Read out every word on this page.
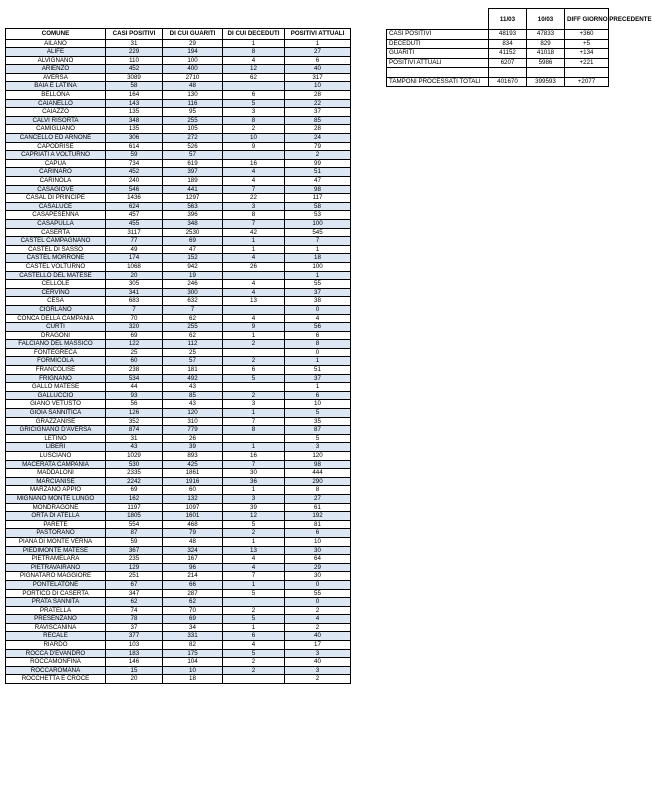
COMUNE	CASI POSITIVI	DI CUI GUARITI	DI CUI DECEDUTI	POSITIVI ATTUALI
AILANO	31	29	1	1
ALIFE	229	194	8	27
ALVIGNANO	110	100	4	6
ARIENZO	452	400	12	40
AVERSA	3089	2710	62	317
BAIA E LATINA	58	48		10
BELLONA	164	130	6	28
CAIANELLO	143	116	5	22
CAIAZZO	135	95	3	37
CALVI RISORTA	348	255	8	85
CAMIGLIANO	135	105	2	28
CANCELLO ED ARNONE	306	272	10	24
CAPODRISE	614	526	9	79
CAPRIATI A VOLTURNO	59	57		2
CAPUA	734	619	16	99
CARINARO	452	397	4	51
CARINOLA	240	189	4	47
CASAGIOVE	546	441	7	98
CASAL DI PRINCIPE	1436	1297	22	117
CASALUCE	624	563	3	58
CASAPESENNA	457	396	8	53
CASAPULLA	455	348	7	100
CASERTA	3117	2530	42	545
CASTEL CAMPAGNANO	77	69	1	7
CASTEL DI SASSO	49	47	1	1
CASTEL MORRONE	174	152	4	18
CASTEL VOLTURNO	1068	942	26	100
CASTELLO DEL MATESE	20	19		1
CELLOLE	305	246	4	55
CERVINO	341	300	4	37
CESA	683	632	13	38
CIORLANO	7	7		0
CONCA DELLA CAMPANIA	70	62	4	4
CURTI	320	255	9	56
DRAGONI	69	62	1	6
FALCIANO DEL MASSICO	122	112	2	8
FONTEGRECA	25	25		0
FORMICOLA	60	57	2	1
FRANCOLISE	238	181	6	51
FRIGNANO	534	492	5	37
GALLO MATESE	44	43		1
GALLUCCIO	93	85	2	6
GIANO VETUSTO	56	43	3	10
GIOIA SANNITICA	126	120	1	5
GRAZZANISE	352	310	7	35
GRICIGNANO D'AVERSA	874	779	8	87
LETINO	31	26		5
LIBERI	43	39	1	3
LUSCIANO	1029	893	16	120
MACERATA CAMPANIA	530	425	7	98
MADDALONI	2335	1861	30	444
MARCIANISE	2242	1916	36	290
MARZANO APPIO	69	60	1	8
MIGNANO MONTE LUNGO	162	132	3	27
MONDRAGONE	1197	1097	39	61
ORTA DI ATELLA	1805	1601	12	192
PARETE	554	468	5	81
PASTORANO	87	79	2	6
PIANA DI MONTE VERNA	59	48	1	10
PIEDIMONTE MATESE	367	324	13	30
PIETRAMELARA	235	167	4	64
PIETRAVAIRANO	129	96	4	29
PIGNATARO MAGGIORE	251	214	7	30
PONTELATONE	67	66	1	0
PORTICO DI CASERTA	347	287	5	55
PRATA SANNITA	62	62		0
PRATELLA	74	70	2	2
PRESENZANO	78	69	5	4
RAVISCANINA	37	34	1	2
RECALE	377	331	6	40
RIARDO	103	82	4	17
ROCCA D'EVANDRO	183	175	5	3
ROCCAMONFINA	146	104	2	40
ROCCAROMANA	15	10	2	3
ROCCHETTA E CROCE	20	18		2
	11/03	10/03	DIFF GIORNO PRECEDENTE
CASI POSITIVI	48193	47833	+360
DECEDUTI	834	829	+5
GUARITI	41152	41018	+134
POSITIVI ATTUALI	6207	5986	+221

TAMPONI PROCESSATI TOTALI	401670	399593	+2077
